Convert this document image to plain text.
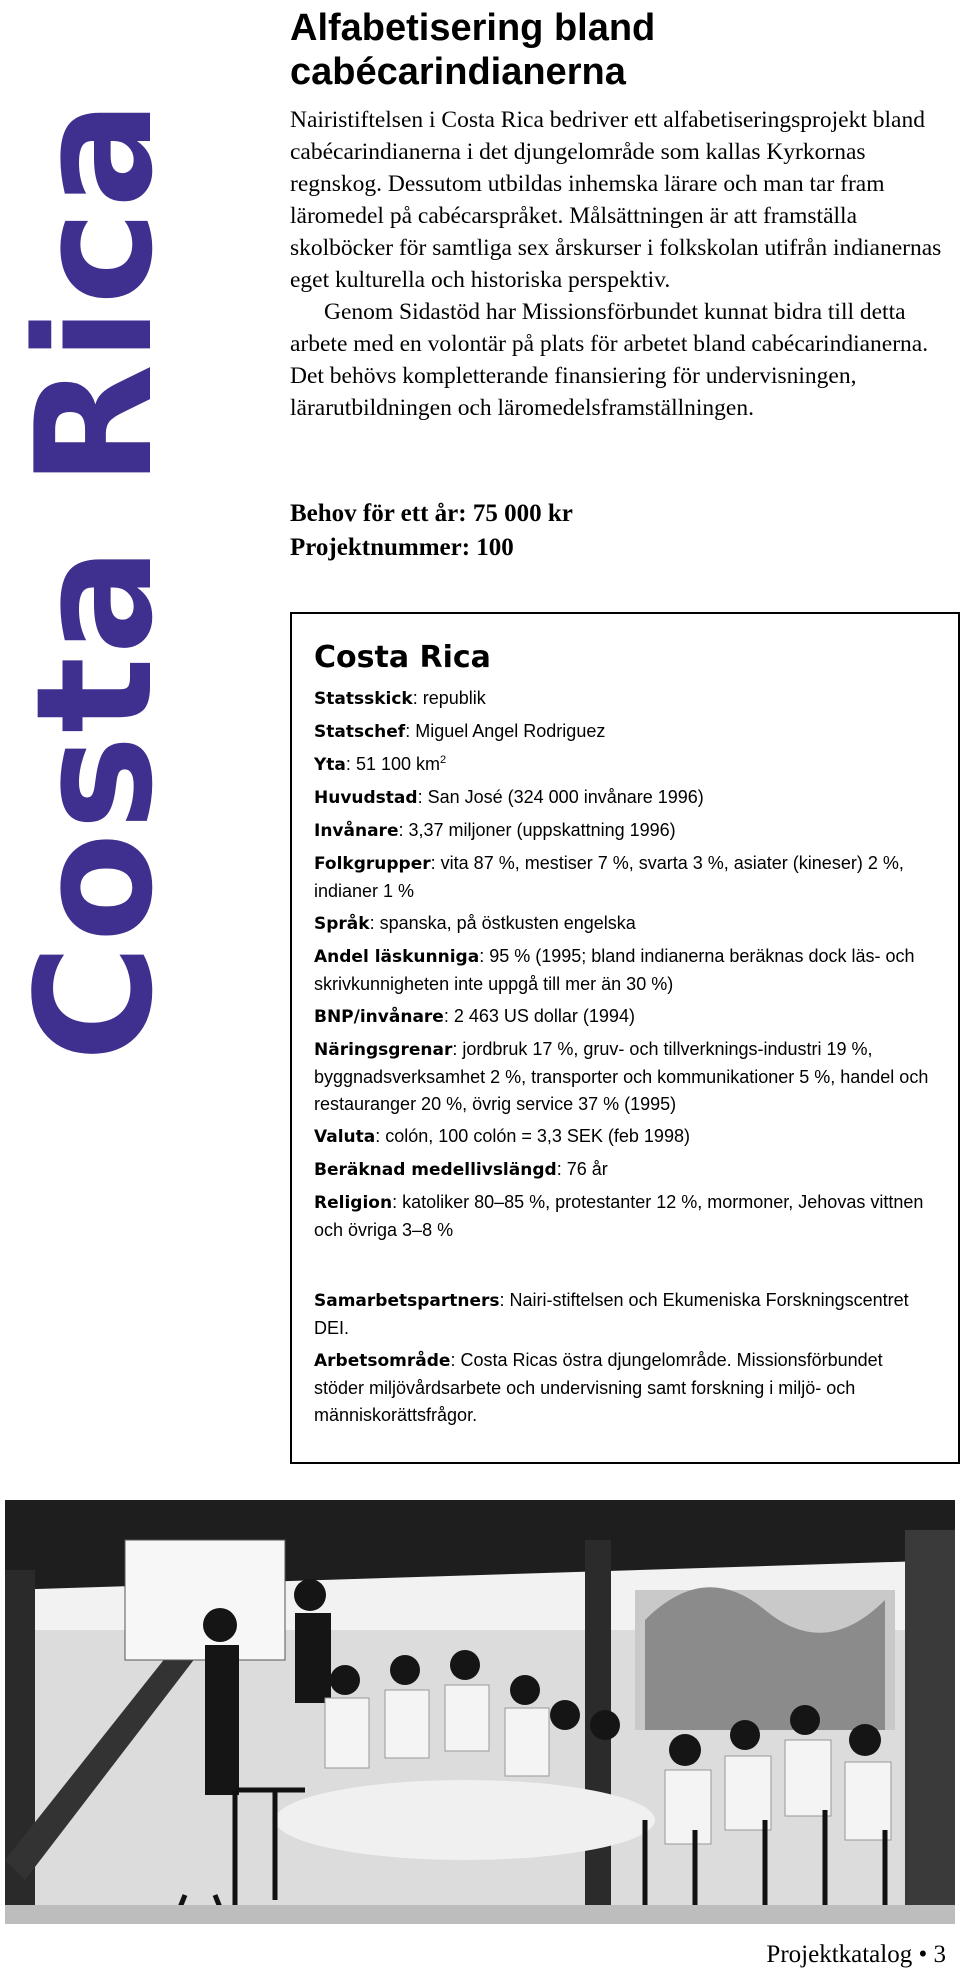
Costa Rica
Alfabetisering bland cabécarindianerna

Nairistiftelsen i Costa Rica bedriver ett alfabetiseringsprojekt bland cabécarindianerna i det djungelområde som kallas Kyrkornas regnskog. Dessutom utbildas inhemska lärare och man tar fram läromedel på cabécarspråket. Målsättningen är att framställa skolböcker för samtliga sex årskurser i folkskolan utifrån indianernas eget kulturella och historiska perspektiv.

Genom Sidastöd har Missionsförbundet kunnat bidra till detta arbete med en volontär på plats för arbetet bland cabécarindianerna. Det behövs kompletterande finansiering för undervisningen, lärarutbildningen och läromedelsframställningen.

Behov för ett år: 75 000 kr
Projektnummer: 100
Costa Rica
Statsskick: republik
Statschef: Miguel Angel Rodriguez
Yta: 51 100 $km^2$
Huvudstad: San José (324 000 invånare 1996)
Invånare: 3,37 miljoner (uppskattning 1996)
Folkgrupper: vita 87 %, mestiser 7 %, svarta 3 %, asiater (kineser) 2 %, indianer 1 %
Språk: spanska, på östkusten engelska
Andel läskunniga: 95 % (1995; bland indianerna beräknas dock läs- och skrivkunnigheten inte uppgå till mer än 30 %)
BNP/invånare: 2 463 US dollar (1994)
Näringsgrenar: jordbruk 17 %, gruv- och tillverknings-industri 19 %, byggnadsverksamhet 2 %, transporter och kommunikationer 5 %, handel och restauranger 20 %, övrig service 37 % (1995)
Valuta: colón, 100 colón = 3,3 SEK (feb 1998)
Beräknad medellivslängd: 76 år
Religion: katoliker 80–85 %, protestanter 12 %, mormoner, Jehovas vittnen och övriga 3–8 %
Samarbetspartners: Nairi-stiftelsen och Ekumeniska Forskningscentret DEI.
Arbetsområde: Costa Ricas östra djungelområde. Missionsförbundet stöder miljövårdsarbete och undervisning samt forskning i miljö- och människorättsfrågor.
Projektkatalog • 3
